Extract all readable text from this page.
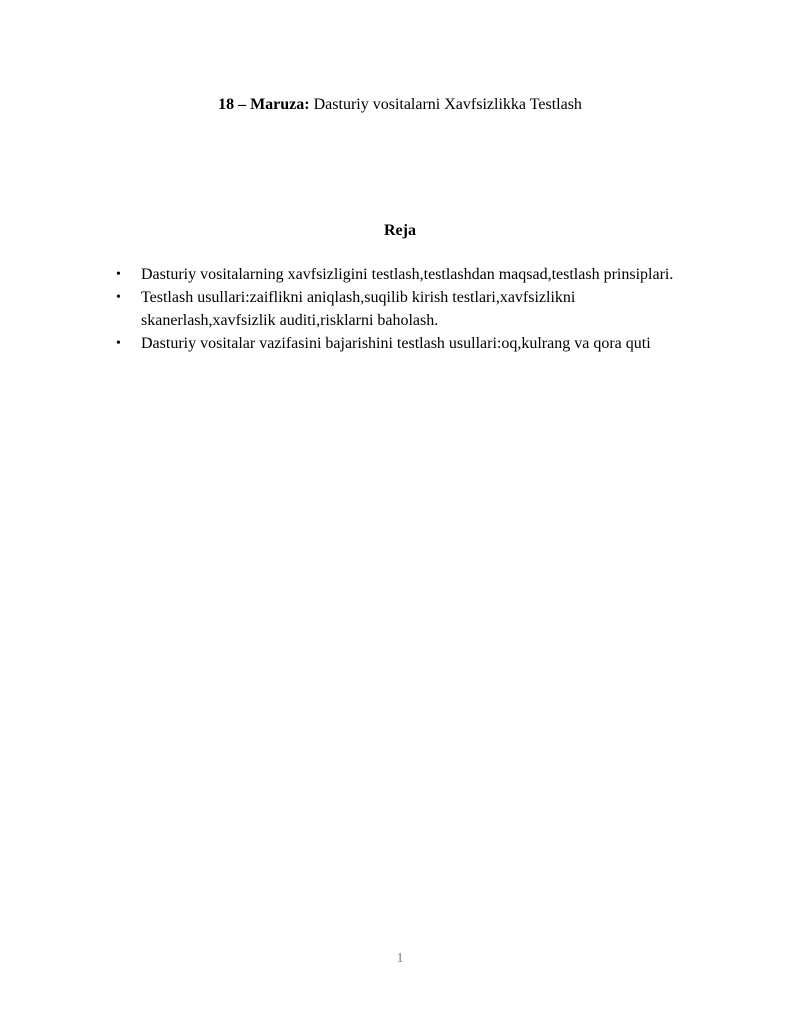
18 – Maruza: Dasturiy vositalarni Xavfsizlikka Testlash
Reja
• Dasturiy vositalarning xavfsizligini testlash,testlashdan maqsad,testlash prinsiplari.
• Testlash usullari:zaiflikni aniqlash,suqilib kirish testlari,xavfsizlikni skanerlash,xavfsizlik auditi,risklarni baholash.
• Dasturiy vositalar vazifasini bajarishini testlash usullari:oq,kulrang va qora quti
1
